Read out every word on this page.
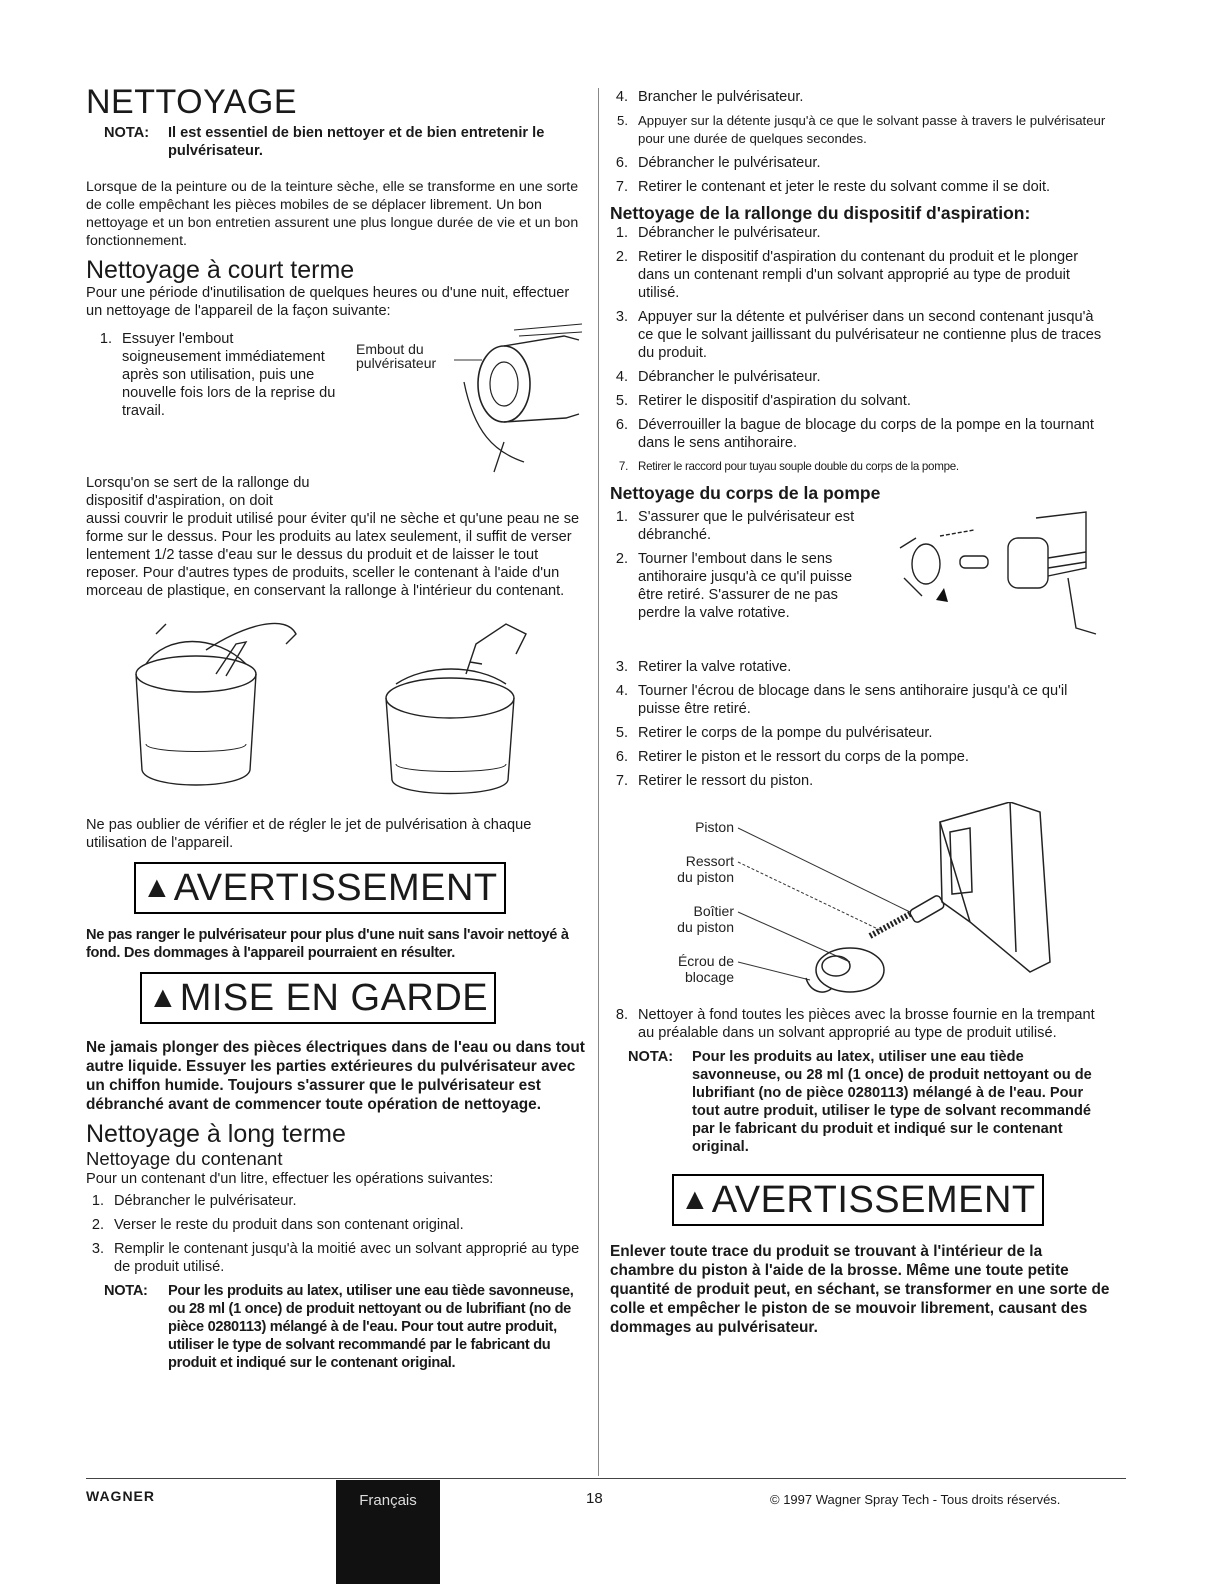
NETTOYAGE
NOTA:	Il est essentiel de bien nettoyer et de bien entretenir le pulvérisateur.

Lorsque de la peinture ou de la teinture sèche, elle se transforme en une sorte de colle empêchant les pièces mobiles de se déplacer librement. Un bon nettoyage et un bon entretien assurent une plus longue durée de vie et un bon fonctionnement.

Nettoyage à court terme

Pour une période d'inutilisation de quelques heures ou d'une nuit, effectuer un nettoyage de l'appareil de la façon suivante:

1. Essuyer l'embout soigneusement immédiatement après son utilisation, puis une nouvelle fois lors de la reprise du travail.
Embout du
pulvérisateur

Lorsqu'on se sert de la rallonge du dispositif d'aspiration, on doit

aussi couvrir le produit utilisé pour éviter qu'il ne sèche et qu'une peau ne se forme sur le dessus. Pour les produits au latex seulement, il suffit de verser lentement 1/2 tasse d'eau sur le dessus du produit et de laisser le tout reposer. Pour d'autres types de produits, sceller le contenant à l'aide d'un morceau de plastique, en conservant la rallonge à l'intérieur du contenant.

Ne pas oublier de vérifier et de régler le jet de pulvérisation à chaque utilisation de l'appareil.

▲ AVERTISSEMENT

Ne pas ranger le pulvérisateur pour plus d'une nuit sans l'avoir nettoyé à fond. Des dommages à l'appareil pourraient en résulter.

▲ MISE EN GARDE

Ne jamais plonger des pièces électriques dans de l'eau ou dans tout autre liquide. Essuyer les parties extérieures du pulvérisateur avec un chiffon humide. Toujours s'assurer que le pulvérisateur est débranché avant de commencer toute opération de nettoyage.

Nettoyage à long terme
Nettoyage du contenant

Pour un contenant d'un litre, effectuer les opérations suivantes:

1. Débrancher le pulvérisateur.
2. Verser le reste du produit dans son contenant original.
3. Remplir le contenant jusqu'à la moitié avec un solvant approprié au type de produit utilisé.
NOTA:	Pour les produits au latex, utiliser une eau tiède savonneuse, ou 28 ml (1 once) de produit nettoyant ou de lubrifiant (no de pièce 0280113) mélangé à de l'eau. Pour tout autre produit, utiliser le type de solvant recommandé par le fabricant du produit et indiqué sur le contenant original.
4. Brancher le pulvérisateur.
5. Appuyer sur la détente jusqu'à ce que le solvant passe à travers le pulvérisateur pour une durée de quelques secondes.
6. Débrancher le pulvérisateur.
7. Retirer le contenant et jeter le reste du solvant comme il se doit.
Nettoyage de la rallonge du dispositif d'aspiration:
1. Débrancher le pulvérisateur.
2. Retirer le dispositif d'aspiration du contenant du produit et le plonger dans un contenant rempli d'un solvant approprié au type de produit utilisé.
3. Appuyer sur la détente et pulvériser dans un second contenant jusqu'à ce que le solvant jaillissant du pulvérisateur ne contienne plus de traces du produit.
4. Débrancher le pulvérisateur.
5. Retirer le dispositif d'aspiration du solvant.
6. Déverrouiller la bague de blocage du corps de la pompe en la tournant dans le sens antihoraire.
7. Retirer le raccord pour tuyau souple double du corps de la pompe.
Nettoyage du corps de la pompe
1. S'assurer que le pulvérisateur est débranché.
2. Tourner l'embout dans le sens antihoraire jusqu'à ce qu'il puisse être retiré. S'assurer de ne pas perdre la valve rotative.
3. Retirer la valve rotative.
4. Tourner l'écrou de blocage dans le sens antihoraire jusqu'à ce qu'il puisse être retiré.
5. Retirer le corps de la pompe du pulvérisateur.
6. Retirer le piston et le ressort du corps de la pompe.
7. Retirer le ressort du piston.
Piston
Ressort
du piston
Boîtier
du piston
Écrou de
blocage
8. Nettoyer à fond toutes les pièces avec la brosse fournie en la trempant au préalable dans un solvant approprié au type de produit utilisé.
NOTA:	Pour les produits au latex, utiliser une eau tiède savonneuse, ou 28 ml (1 once) de produit nettoyant ou de lubrifiant (no de pièce 0280113) mélangé à de l'eau. Pour tout autre produit, utiliser le type de solvant recommandé par le fabricant du produit et indiqué sur le contenant original.
▲ AVERTISSEMENT

Enlever toute trace du produit se trouvant à l'intérieur de la chambre du piston à l'aide de la brosse. Même une toute petite quantité de produit peut, en séchant, se transformer en une sorte de colle et empêcher le piston de se mouvoir librement, causant des dommages au pulvérisateur.

WAGNER	Français	18	© 1997 Wagner Spray Tech - Tous droits réservés.
